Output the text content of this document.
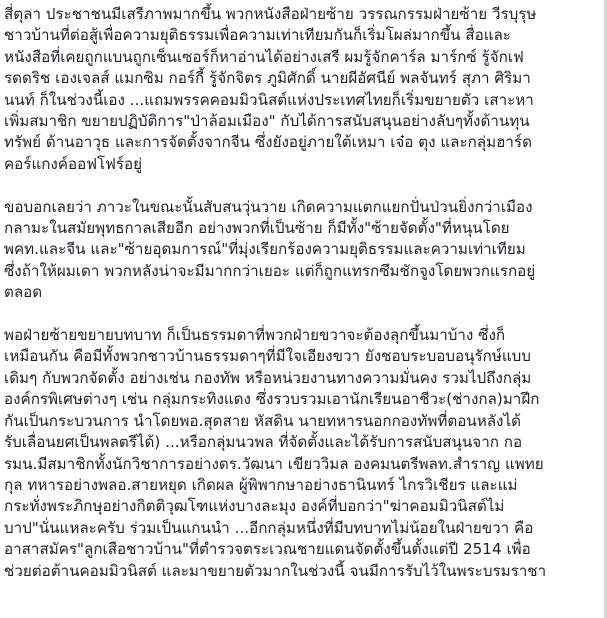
สี่ตุลา ประชาชนมีเสรีภาพมากขึ้น พวกหนังสือฝ่ายซ้าย วรรณกรรมฝ่ายซ้าย วีรบุรุษ
ชาวบ้านที่ต่อสู้เพื่อความยุติธรรมเพื่อความเท่าเทียมกันก็เริ่มโผล่มากขึ้น สื่อและ
หนังสือที่เคยถูกแบนถูกเซ็นเซอร์ก็หาอ่านได้อย่างเสรี ผมรู้จักคาร์ล มาร์กซ์ รู้จักเฟ
รดดริช เองเจลส์ แมกซิม กอร์กี้ รู้จักจิตร ภูมิศักดิ์ นายผีอัศนีย์ พลจันทร์ สุภา ศิริมา
นนท์ ก็ในช่วงนี้เอง ...แถมพรรคคอมมิวนิสต์แห่งประเทศไทยก็เริ่มขยายตัว เสาะหา
เพิ่มสมาชิก ขยายปฏิบัติการ"ป่าล้อมเมือง" กับได้การสนับสนุนอย่างลับๆทั้งด้านทุน
ทรัพย์ ด้านอาวุธ และการจัดตั้งจากจีน ซึ่งยังอยู่ภายใต้เหมา เจ๋อ ตุง และกลุ่มฮาร์ด
คอร์แกงค์ออฟโฟร์อยู่

ขอบอกเลยว่า ภาวะในขณะนั้นสับสนวุ่นวาย เกิดความแตกแยกปั่นป่วนยิ่งกว่าเมือง
กลามะในสมัยพุทธกาลเสียอีก อย่างพวกที่เป็นซ้าย ก็มีทั้ง"ซ้ายจัดตั้ง"ที่หนุนโดย
พคท.และจีน และ"ซ้ายอุดมการณ์"ที่มุ่งเรียกร้องความยุติธรรมและความเท่าเทียม
ซึ่งถ้าให้ผมเดา พวกหลังน่าจะมีมากกว่าเยอะ แต่ก็ถูกแทรกซึมชักจูงโดยพวกแรกอยู่
ตลอด

พอฝ่ายซ้ายขยายบทบาท ก็เป็นธรรมดาที่พวกฝ่ายขวาจะต้องลุกขึ้นมาบ้าง ซึ่งก็
เหมือนกัน คือมีทั้งพวกชาวบ้านธรรมดาๆที่มีใจเอียงขวา ยังชอบระบอบอนุรักษ์แบบ
เดิมๆ กับพวกจัดตั้ง อย่างเช่น กองทัพ หรือหน่วยงานทางความมั่นคง รวมไปถึงกลุ่ม
องค์กรพิเศษต่างๆ เช่น กลุ่มกระทิงแดง ซึ่งรวบรวมเอานักเรียนอาชีวะ(ช่างกล)มาฝึก
กันเป็นกระบวนการ นำโดยพอ.สุดสาย หัสดิน นายทหารนอกกองทัพที่ตอนหลังได้
รับเลื่อนยศเป็นพลตรีได้) ...หรือกลุ่มนวพล ที่จัดตั้งและได้รับการสนับสนุนจาก กอ
รมน.มีสมาชิกทั้งนักวิชาการอย่างดร.วัฒนา เขียววิมล องคมนตรีพลท.สำราญ แพทย
กุล ทหารอย่างพลอ.สายหยุด เกิดผล ผู้พิพากษาอย่างธานินทร์ ไกรวิเชียร และแม่
กระทั่งพระภิกษุอย่างกิตติวุฒโฑแห่งบางละมุง องค์ที่บอกว่า"ฆ่าคอมมิวนิสต์ไม่
บาป"นั่นแหละครับ ร่วมเป็นแกนนำ ...อีกกลุ่มหนึ่งที่มีบทบาทไม่น้อยในฝ่ายขวา คือ
อาสาสมัคร"ลูกเสือชาวบ้าน"ที่ตำรวจตระเวณชายแดนจัดตั้งขึ้นตั้งแต่ปี 2514 เพื่อ
ช่วยต่อต้านคอมมิวนิสต์ และมาขยายตัวมากในช่วงนี้ จนมีการรับไว้ในพระบรมราชา
